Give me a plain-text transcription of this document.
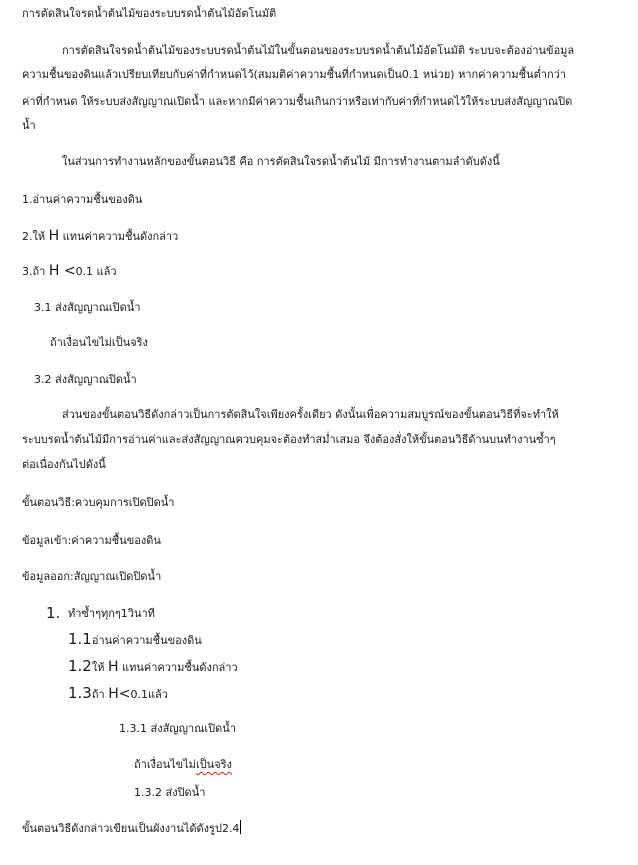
การตัดสินใจรดน้ำต้นไม้ของระบบรดน้ำต้นไม้อัตโนมัติ
การตัดสินใจรดน้ำต้นไม้ของระบบรดน้ำต้นไม้ในขั้นตอนของระบบรดน้ำต้นไม้อัตโนมัติ ระบบจะต้องอ่านข้อมูล
ความชื้นของดินแล้วเปรียบเทียบกับค่าที่กำหนดไว้(สมมติค่าความชื้นที่กำหนดเป็น0.1 หน่วย) หากค่าความชื้นต่ำกว่า
ค่าที่กำหนด ให้ระบบส่งสัญญาณเปิดน้ำ และหากมีค่าความชื้นเกินกว่าหรือเท่ากับค่าที่กำหนดไว้ให้ระบบส่งสัญญาณปิด
น้ำ
ในส่วนการทำงานหลักของขั้นตอนวิธี คือ การตัดสินใจรดน้ำต้นไม้ มีการทำงานตามลำดับดังนี้
1.อ่านค่าความชื้นของดิน
2.ให้ H แทนค่าความชื้นดังกล่าว
3.ถ้า H <0.1 แล้ว
3.1 ส่งสัญญาณเปิดน้ำ
ถ้าเงื่อนไขไม่เป็นจริง
3.2 ส่งสัญญาณปิดน้ำ
ส่วนของขั้นตอนวิธีดังกล่าวเป็นการตัดสินใจเพียงครั้งเดียว ดังนั้นเพื่อความสมบูรณ์ของขั้นตอนวิธีที่จะทำให้
ระบบรดน้ำต้นไม้มีการอ่านค่าและส่งสัญญาณควบคุมจะต้องทำสม่ำเสมอ จึงต้องสั่งให้ขั้นตอนวิธีด้านบนทำงานซ้ำๆ
ต่อเนื่องกันไปดังนี้
ขั้นตอนวิธี:ควบคุมการเปิดปิดน้ำ
ข้อมูลเข้า:ค่าความชื้นของดิน
ข้อมูลออก:สัญญาณเปิดปิดน้ำ
1. ทำซ้ำๆทุกๆ1วินาที
1.1อ่านค่าความชื้นของดิน
1.2ให้ H แทนค่าความชื้นดังกล่าว
1.3ถ้า H<0.1แล้ว
1.3.1 ส่งสัญญาณเปิดน้ำ
ถ้าเงื่อนไขไม่เป็นจริง
1.3.2 ส่งปิดน้ำ
ขั้นตอนวิธีดังกล่าวเขียนเป็นผังงานได้ดังรูป2.4
